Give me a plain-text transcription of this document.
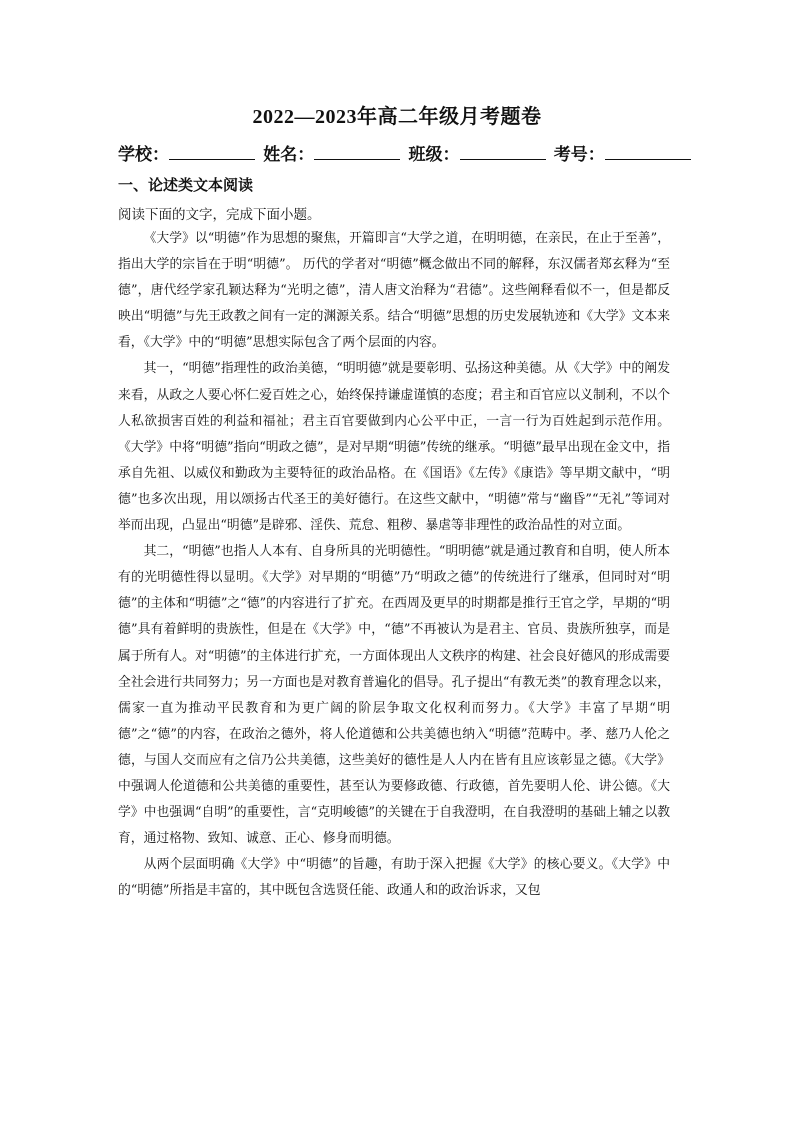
2022—2023年高二年级月考题卷
学校：	姓名：	班级：	考号：
一、论述类文本阅读
阅读下面的文字，完成下面小题。

《大学》以“明德”作为思想的聚焦，开篇即言“大学之道，在明明德，在亲民，在止于至善”，指出大学的宗旨在于明“明德”。 历代的学者对“明德”概念做出不同的解释，东汉儒者郑玄释为“至德”，唐代经学家孔颖达释为“光明之德”，清人唐文治释为“君德”。这些阐释看似不一，但是都反映出“明德”与先王政教之间有一定的渊源关系。结合“明德”思想的历史发展轨迹和《大学》文本来看，《大学》中的“明德”思想实际包含了两个层面的内容。

其一，“明德”指理性的政治美德，“明明德”就是要彰明、弘扬这种美德。从《大学》中的阐发来看，从政之人要心怀仁爱百姓之心，始终保持谦虚谨慎的态度；君主和百官应以义制利，不以个人私欲损害百姓的利益和福祉；君主百官要做到内心公平中正，一言一行为百姓起到示范作用。《大学》中将“明德”指向“明政之德”，是对早期“明德”传统的继承。“明德”最早出现在金文中，指承自先祖、以威仪和勤政为主要特征的政治品格。在《国语》《左传》《康诰》等早期文献中，“明德”也多次出现，用以颂扬古代圣王的美好德行。在这些文献中，“明德”常与“幽昏”“无礼”等词对举而出现，凸显出“明德”是辟邪、淫佚、荒怠、粗秽、暴虐等非理性的政治品性的对立面。

其二，“明德”也指人人本有、自身所具的光明德性。“明明德”就是通过教育和自明，使人所本有的光明德性得以显明。《大学》对早期的“明德”乃“明政之德”的传统进行了继承，但同时对“明德”的主体和“明德”之“德”的内容进行了扩充。在西周及更早的时期都是推行王官之学，早期的“明德”具有着鲜明的贵族性，但是在《大学》中，“德”不再被认为是君主、官员、贵族所独享，而是属于所有人。对“明德”的主体进行扩充，一方面体现出人文秩序的构建、社会良好德风的形成需要全社会进行共同努力；另一方面也是对教育普遍化的倡导。孔子提出“有教无类”的教育理念以来，儒家一直为推动平民教育和为更广阔的阶层争取文化权利而努力。《大学》丰富了早期“明德”之“德”的内容，在政治之德外，将人伦道德和公共美德也纳入“明德”范畴中。孝、慈乃人伦之德，与国人交而应有之信乃公共美德，这些美好的德性是人人内在皆有且应该彰显之德。《大学》中强调人伦道德和公共美德的重要性，甚至认为要修政德、行政德，首先要明人伦、讲公德。《大学》中也强调“自明”的重要性，言“克明峻德”的关键在于自我澄明，在自我澄明的基础上辅之以教育，通过格物、致知、诚意、正心、修身而明德。

从两个层面明确《大学》中“明德”的旨趣，有助于深入把握《大学》的核心要义。《大学》中的“明德”所指是丰富的，其中既包含选贤任能、政通人和的政治诉求，又包
